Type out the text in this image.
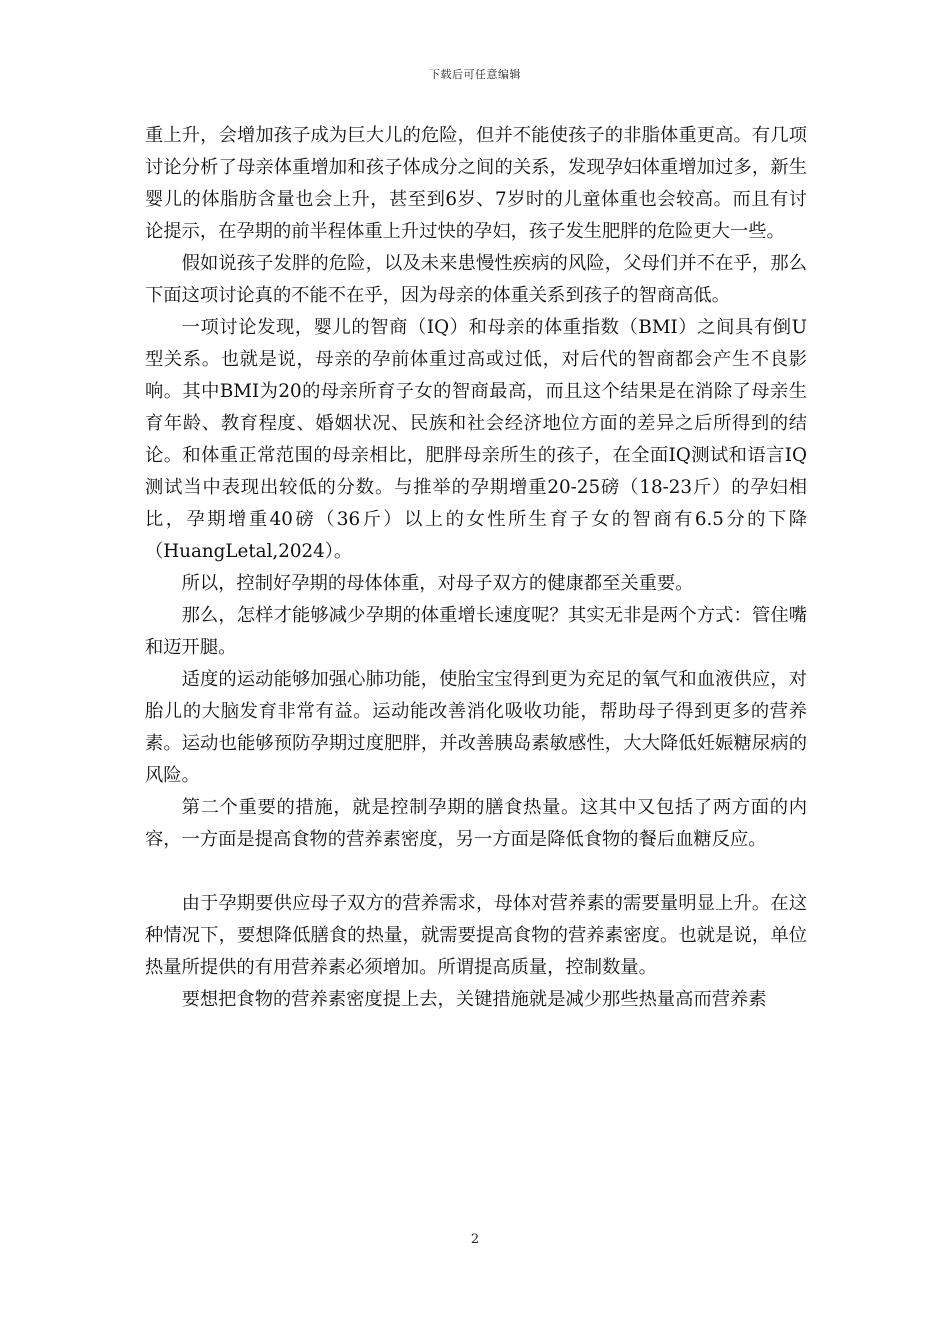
下载后可任意编辑

重上升，会增加孩子成为巨大儿的危险，但并不能使孩子的非脂体重更高。有几项讨论分析了母亲体重增加和孩子体成分之间的关系，发现孕妇体重增加过多，新生婴儿的体脂肪含量也会上升，甚至到6岁、7岁时的儿童体重也会较高。而且有讨论提示，在孕期的前半程体重上升过快的孕妇，孩子发生肥胖的危险更大一些。

假如说孩子发胖的危险，以及未来患慢性疾病的风险，父母们并不在乎，那么下面这项讨论真的不能不在乎，因为母亲的体重关系到孩子的智商高低。

一项讨论发现，婴儿的智商（IQ）和母亲的体重指数（BMI）之间具有倒U型关系。也就是说，母亲的孕前体重过高或过低，对后代的智商都会产生不良影响。其中BMI为20的母亲所育子女的智商最高，而且这个结果是在消除了母亲生育年龄、教育程度、婚姻状况、民族和社会经济地位方面的差异之后所得到的结论。和体重正常范围的母亲相比，肥胖母亲所生的孩子，在全面IQ测试和语言IQ测试当中表现出较低的分数。与推举的孕期增重20-25磅（18-23斤）的孕妇相比，孕期增重40磅（36斤）以上的女性所生育子女的智商有6.5分的下降（HuangLetal,2024）。

所以，控制好孕期的母体体重，对母子双方的健康都至关重要。

那么，怎样才能够减少孕期的体重增长速度呢？其实无非是两个方式：管住嘴和迈开腿。

适度的运动能够加强心肺功能，使胎宝宝得到更为充足的氧气和血液供应，对胎儿的大脑发育非常有益。运动能改善消化吸收功能，帮助母子得到更多的营养素。运动也能够预防孕期过度肥胖，并改善胰岛素敏感性，大大降低妊娠糖尿病的风险。

第二个重要的措施，就是控制孕期的膳食热量。这其中又包括了两方面的内容，一方面是提高食物的营养素密度，另一方面是降低食物的餐后血糖反应。

由于孕期要供应母子双方的营养需求，母体对营养素的需要量明显上升。在这种情况下，要想降低膳食的热量，就需要提高食物的营养素密度。也就是说，单位热量所提供的有用营养素必须增加。所谓提高质量，控制数量。

要想把食物的营养素密度提上去，关键措施就是减少那些热量高而营养素

2
